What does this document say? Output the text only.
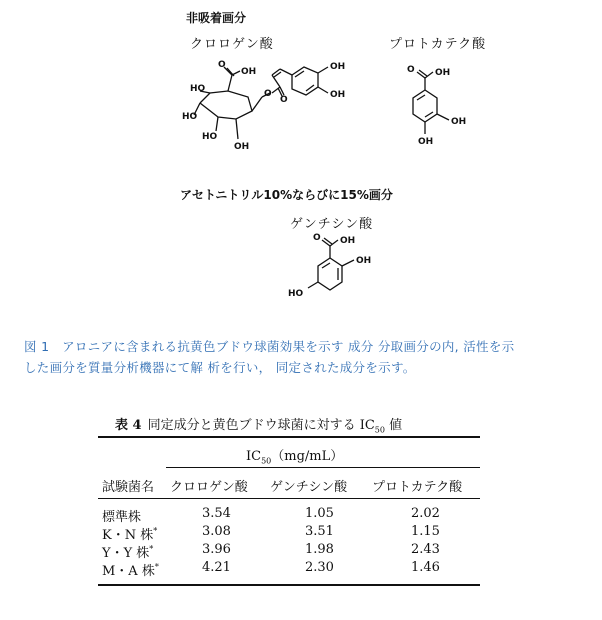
非吸着画分
クロロゲン酸	プロトカテク酸
HO
OH
O
HO
HO
OH
O
O
OH
OH
O OH
OH
OH
アセトニトリル10%ならびに15%画分
ゲンチシン酸
O OH
OH
HO
図 1　アロニアに含まれる抗黄色ブドウ球菌効果を示す 成分 分取画分の内, 活性を示
した画分を質量分析機器にて解 析を行い， 同定された成分を示す。
表 4 同定成分と黄色ブドウ球菌に対する $IC_{50}$ 値
$IC_{50}(mg/mL)$
試験菌名 クロロゲン酸 ゲンチシン酸 プロトカテク酸
標準株	3.54	1.05	2.02
K・N 株*	3.08	3.51	1.15
Y・Y 株*	3.96	1.98	2.43
M・A 株*	4.21	2.30	1.46
